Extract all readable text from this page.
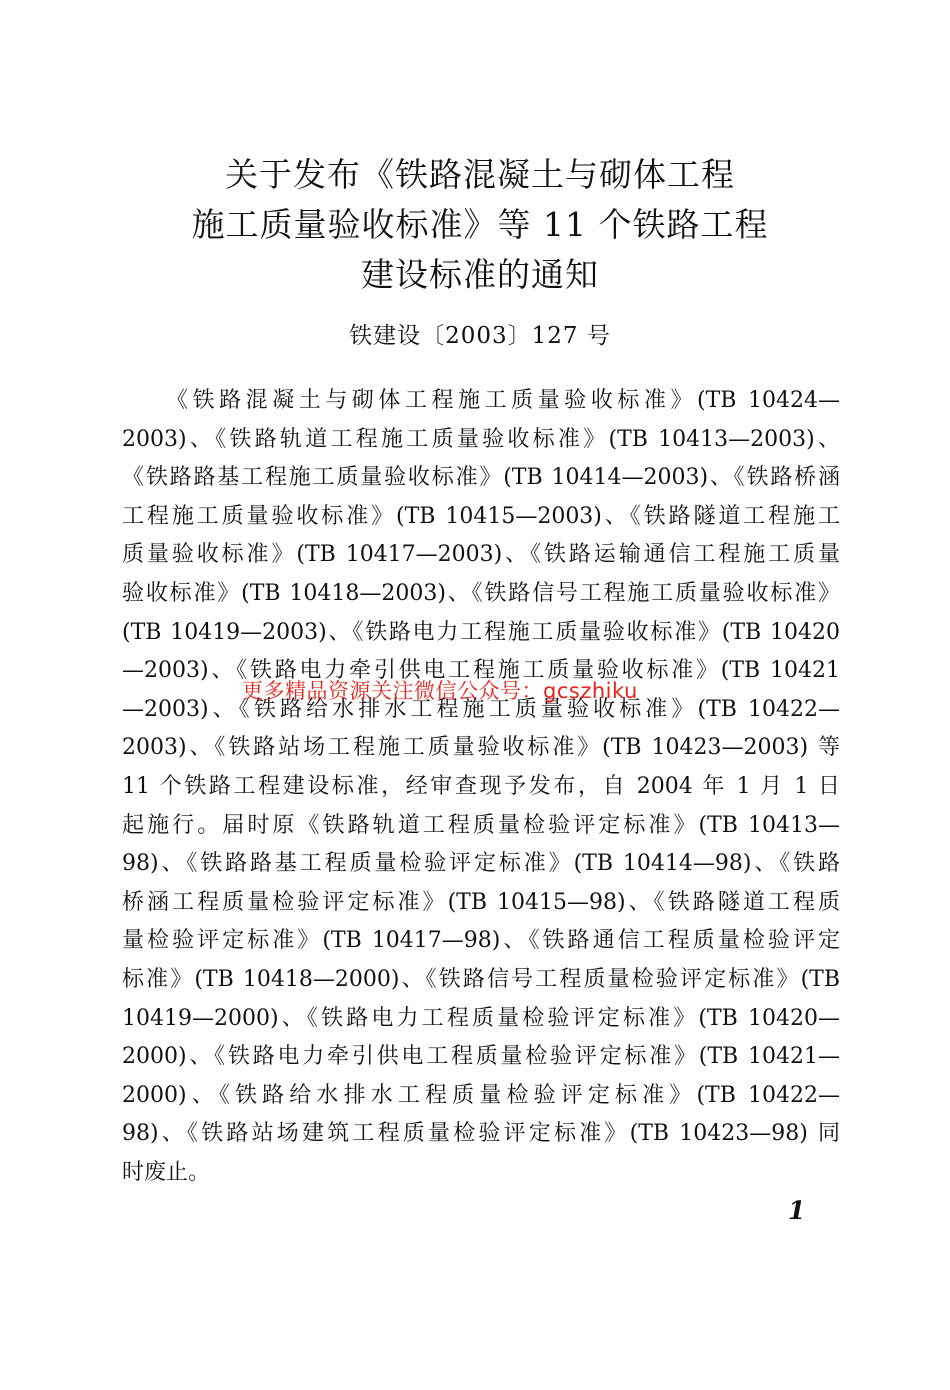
关于发布《铁路混凝土与砌体工程
施工质量验收标准》等 11 个铁路工程
建设标准的通知
铁建设〔2003〕127 号
《铁路混凝土与砌体工程施工质量验收标准》(TB 10424—
2003)、《铁路轨道工程施工质量验收标准》(TB 10413—2003)、
《铁路路基工程施工质量验收标准》(TB 10414—2003)、《铁路桥涵
工程施工质量验收标准》(TB 10415—2003)、《铁路隧道工程施工
质量验收标准》(TB 10417—2003)、《铁路运输通信工程施工质量
验收标准》(TB 10418—2003)、《铁路信号工程施工质量验收标准》
(TB 10419—2003)、《铁路电力工程施工质量验收标准》(TB 10420
—2003)、《铁路电力牵引供电工程施工质量验收标准》(TB 10421
—2003)、《铁路给水排水工程施工质量验收标准》(TB 10422—
2003)、《铁路站场工程施工质量验收标准》(TB 10423—2003) 等
11 个铁路工程建设标准，经审查现予发布，自 2004 年 1 月 1 日
起施行。届时原《铁路轨道工程质量检验评定标准》(TB 10413—
98)、《铁路路基工程质量检验评定标准》(TB 10414—98)、《铁路
桥涵工程质量检验评定标准》(TB 10415—98)、《铁路隧道工程质
量检验评定标准》(TB 10417—98)、《铁路通信工程质量检验评定
标准》(TB 10418—2000)、《铁路信号工程质量检验评定标准》(TB
10419—2000)、《铁路电力工程质量检验评定标准》(TB 10420—
2000)、《铁路电力牵引供电工程质量检验评定标准》(TB 10421—
2000)、《铁路给水排水工程质量检验评定标准》(TB 10422—
98)、《铁路站场建筑工程质量检验评定标准》(TB 10423—98) 同
时废止。
更多精品资源关注微信公众号：gcszhiku
1
